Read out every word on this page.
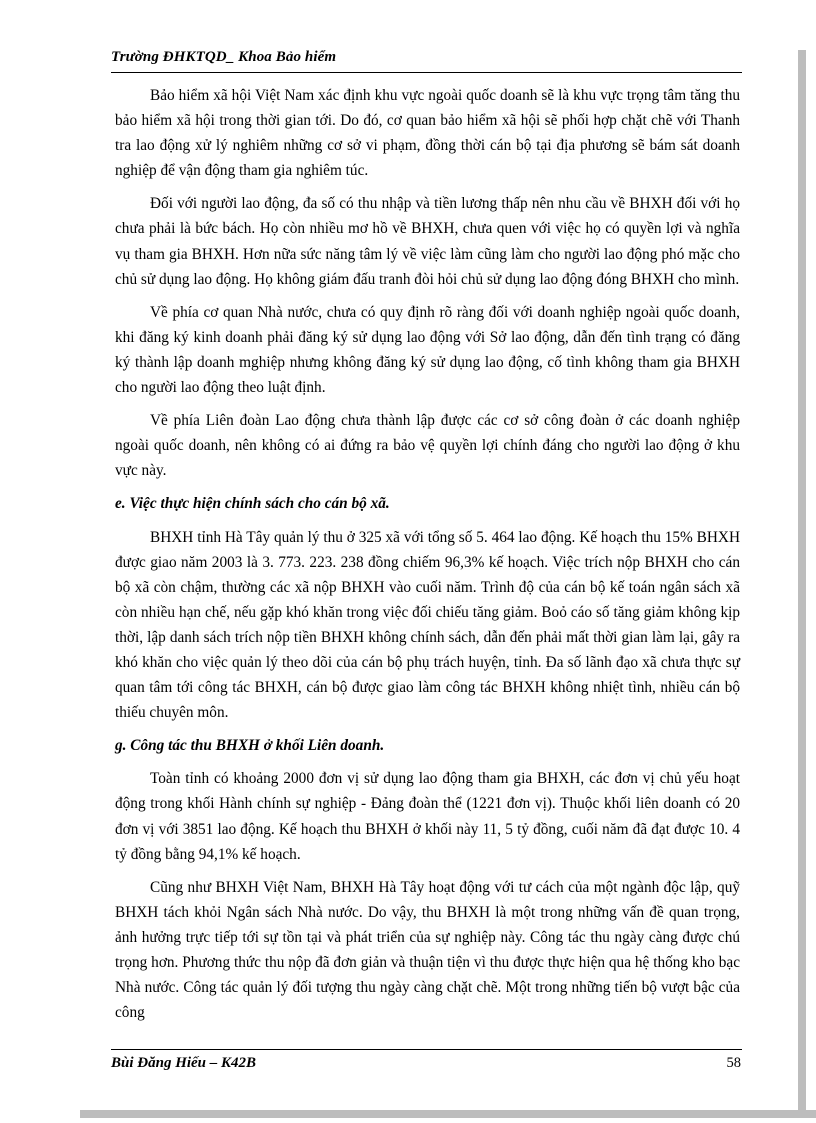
Trường ĐHKTQD_ Khoa Bảo hiểm

Bảo hiểm xã hội Việt Nam xác định khu vực ngoài quốc doanh sẽ là khu vực trọng tâm tăng thu bảo hiểm xã hội trong thời gian tới. Do đó, cơ quan bảo hiểm xã hội sẽ phối hợp chặt chẽ với Thanh tra lao động xử lý nghiêm những cơ sở vi phạm, đồng thời cán bộ tại địa phương sẽ bám sát doanh nghiệp để vận động tham gia nghiêm túc.

Đối với người lao động, đa số có thu nhập và tiền lương thấp nên nhu cầu về BHXH đối với họ chưa phải là bức bách. Họ còn nhiều mơ hồ về BHXH, chưa quen với việc họ có quyền lợi và nghĩa vụ tham gia BHXH. Hơn nữa sức năng tâm lý về việc làm cũng làm cho người lao động phó mặc cho chủ sử dụng lao động. Họ không giám đấu tranh đòi hỏi chủ sử dụng lao động đóng BHXH cho mình.

Về phía cơ quan Nhà nước, chưa có quy định rõ ràng đối với doanh nghiệp ngoài quốc doanh, khi đăng ký kinh doanh phải đăng ký sử dụng lao động với Sở lao động, dẫn đến tình trạng có đăng ký thành lập doanh mghiệp nhưng không đăng ký sử dụng lao động, cố tình không tham gia BHXH cho người lao động theo luật định.

Về phía Liên đoàn Lao động chưa thành lập được các cơ sở công đoàn ở các doanh nghiệp ngoài quốc doanh, nên không có ai đứng ra bảo vệ quyền lợi chính đáng cho người lao động ở khu vực này.

e. Việc thực hiện chính sách cho cán bộ xã.

BHXH tỉnh Hà Tây quản lý thu ở 325 xã với tổng số 5. 464 lao động. Kế hoạch thu 15% BHXH được giao năm 2003 là 3. 773. 223. 238 đồng chiếm 96,3% kế hoạch. Việc trích nộp BHXH cho cán bộ xã còn chậm, thường các xã nộp BHXH vào cuối năm. Trình độ của cán bộ kế toán ngân sách xã còn nhiều hạn chế, nếu gặp khó khăn trong việc đối chiếu tăng giảm. Boỏ cáo số tăng giảm không kịp thời, lập danh sách trích nộp tiền BHXH không chính sách, dẫn đến phải mất thời gian làm lại, gây ra khó khăn cho việc quản lý theo dõi của cán bộ phụ trách huyện, tỉnh. Đa số lãnh đạo xã chưa thực sự quan tâm tới công tác BHXH, cán bộ được giao làm công tác BHXH không nhiệt tình, nhiều cán bộ thiếu chuyên môn.

g. Công tác thu BHXH ở khối Liên doanh.

Toàn tỉnh có khoảng 2000 đơn vị sử dụng lao động tham gia BHXH, các đơn vị chủ yếu hoạt động trong khối Hành chính sự nghiệp - Đảng đoàn thể (1221 đơn vị). Thuộc khối liên doanh có 20 đơn vị với 3851 lao động. Kế hoạch thu BHXH ở khối này 11, 5 tỷ đồng, cuối năm đã đạt được 10. 4 tỷ đồng bằng 94,1% kế hoạch.

Cũng như BHXH Việt Nam, BHXH Hà Tây hoạt động với tư cách của một ngành độc lập, quỹ BHXH tách khỏi Ngân sách Nhà nước. Do vậy, thu BHXH là một trong những vấn đề quan trọng, ảnh hưởng trực tiếp tới sự tồn tại và phát triển của sự nghiệp này. Công tác thu ngày càng được chú trọng hơn. Phương thức thu nộp đã đơn giản và thuận tiện vì thu được thực hiện qua hệ thống kho bạc Nhà nước. Công tác quản lý đối tượng thu ngày càng chặt chẽ. Một trong những tiến bộ vượt bậc của công

Bùi Đăng Hiếu – K42B	58
